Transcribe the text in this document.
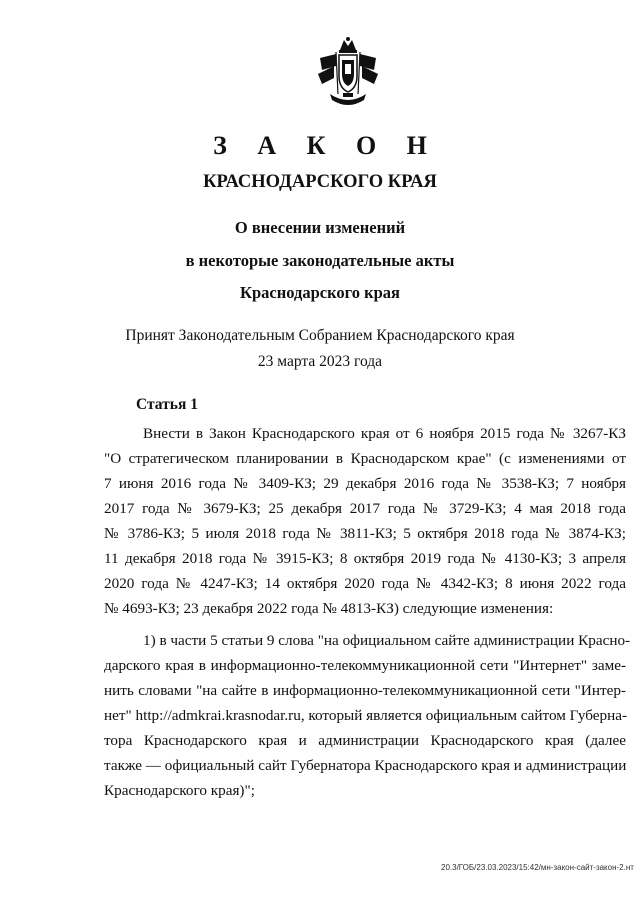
З А К О Н
КРАСНОДАРСКОГО КРАЯ
О внесении изменений
в некоторые законодательные акты
Краснодарского края
Принят Законодательным Собранием Краснодарского края
23 марта 2023 года
Статья 1
Внести в Закон Краснодарского края от 6 ноября 2015 года № 3267-КЗ
"О стратегическом планировании в Краснодарском крае" (с изменениями от
7 июня 2016 года № 3409-КЗ; 29 декабря 2016 года № 3538-КЗ; 7 ноября
2017 года № 3679-КЗ; 25 декабря 2017 года № 3729-КЗ; 4 мая 2018 года
№ 3786-КЗ; 5 июля 2018 года № 3811-КЗ; 5 октября 2018 года № 3874-КЗ;
11 декабря 2018 года № 3915-КЗ; 8 октября 2019 года № 4130-КЗ; 3 апреля
2020 года № 4247-КЗ; 14 октября 2020 года № 4342-КЗ; 8 июня 2022 года
№ 4693-КЗ; 23 декабря 2022 года № 4813-КЗ) следующие изменения:
1) в части 5 статьи 9 слова "на официальном сайте администрации Красно-
дарского края в информационно-телекоммуникационной сети "Интернет" заме-
нить словами "на сайте в информационно-телекоммуникационной сети "Интер-
нет" http://admkrai.krasnodar.ru, который является официальным сайтом Губерна-
тора Краснодарского края и администрации Краснодарского края (далее
также — официальный сайт Губернатора Краснодарского края и администрации
Краснодарского края)";
20.3/ГОБ/23.03.2023/15:42/мн-закон-сайт-закон-2.нт
